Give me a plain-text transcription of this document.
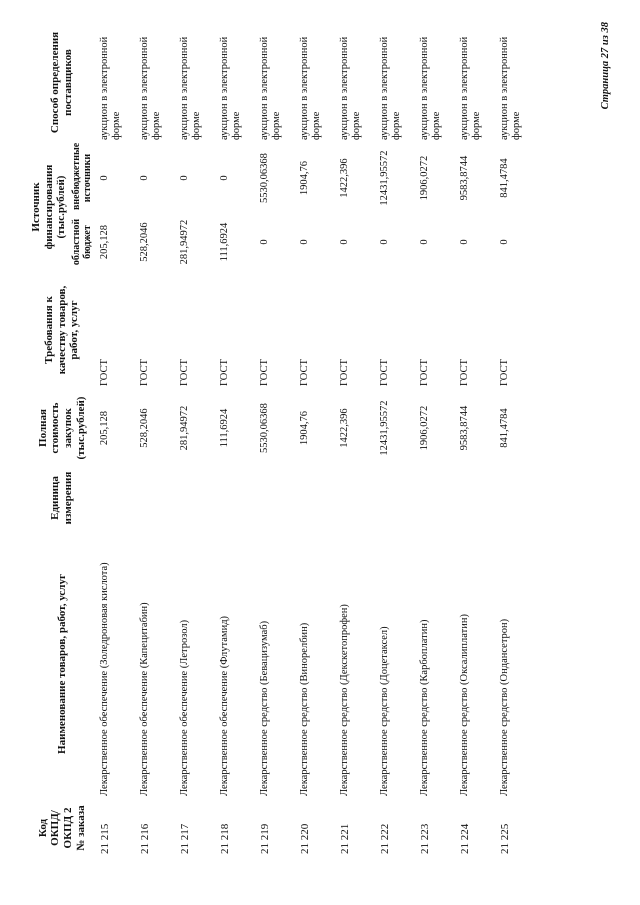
Код ОКПД/ ОКПД 2 № заказа	Наименование товаров, работ, услуг	Единица измерения	Полная стоимость закупок (тыс.рублей)	Требования к качеству товаров, работ, услуг	Источник финансирования (тыс.рублей)		Способ определения поставщиков
					областной бюджет	внебюджетные источники	
21 215	Лекарственное обеспечение (Золедроновая кислота)		205,128	ГОСТ	205,128	0	аукцион в электронной форме
21 216	Лекарственное обеспечение (Капецитабин)		528,2046	ГОСТ	528,2046	0	аукцион в электронной форме
21 217	Лекарственное обеспечение (Летрозол)		281,94972	ГОСТ	281,94972	0	аукцион в электронной форме
21 218	Лекарственное обеспечение (Флутамид)		111,6924	ГОСТ	111,6924	0	аукцион в электронной форме
21 219	Лекарственное средство (Бевацизумаб)		5530,06368	ГОСТ	0	5530,06368	аукцион в электронной форме
21 220	Лекарственное средство (Винорелбин)		1904,76	ГОСТ	0	1904,76	аукцион в электронной форме
21 221	Лекарственное средство (Декскетопрофен)		1422,396	ГОСТ	0	1422,396	аукцион в электронной форме
21 222	Лекарственное средство (Доцетаксел)		12431,95572	ГОСТ	0	12431,95572	аукцион в электронной форме
21 223	Лекарственное средство (Карбоплатин)		1906,0272	ГОСТ	0	1906,0272	аукцион в электронной форме
21 224	Лекарственное средство (Оксалиплатин)		9583,8744	ГОСТ	0	9583,8744	аукцион в электронной форме
21 225	Лекарственное средство (Ондансетрон)		841,4784	ГОСТ	0	841,4784	аукцион в электронной форме
Страница 27 из 38
